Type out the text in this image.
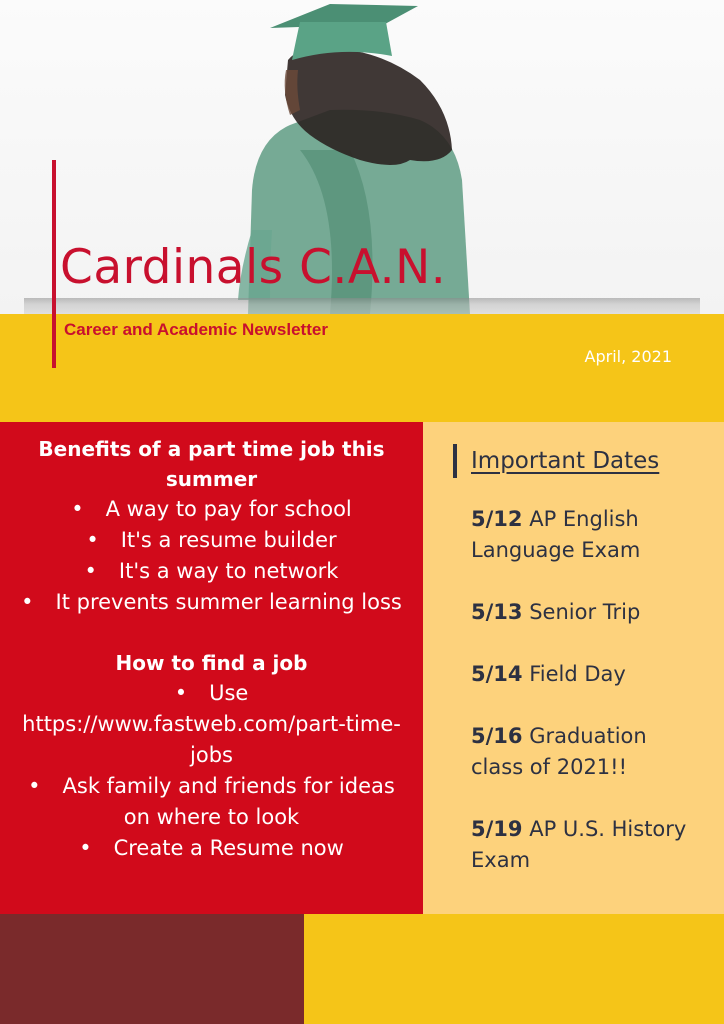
Cardinals C.A.N.
Career and Academic Newsletter
April, 2021
Benefits of a part time job this summer
• A way to pay for school
• It's a resume builder
• It's a way to network
• It prevents summer learning loss
How to find a job
• Use https://www.fastweb.com/part-time-jobs
• Ask family and friends for ideas on where to look
• Create a Resume now
Important Dates
5/12 AP English Language Exam
5/13 Senior Trip
5/14 Field Day
5/16 Graduation class of 2021!!
5/19 AP U.S. History Exam
